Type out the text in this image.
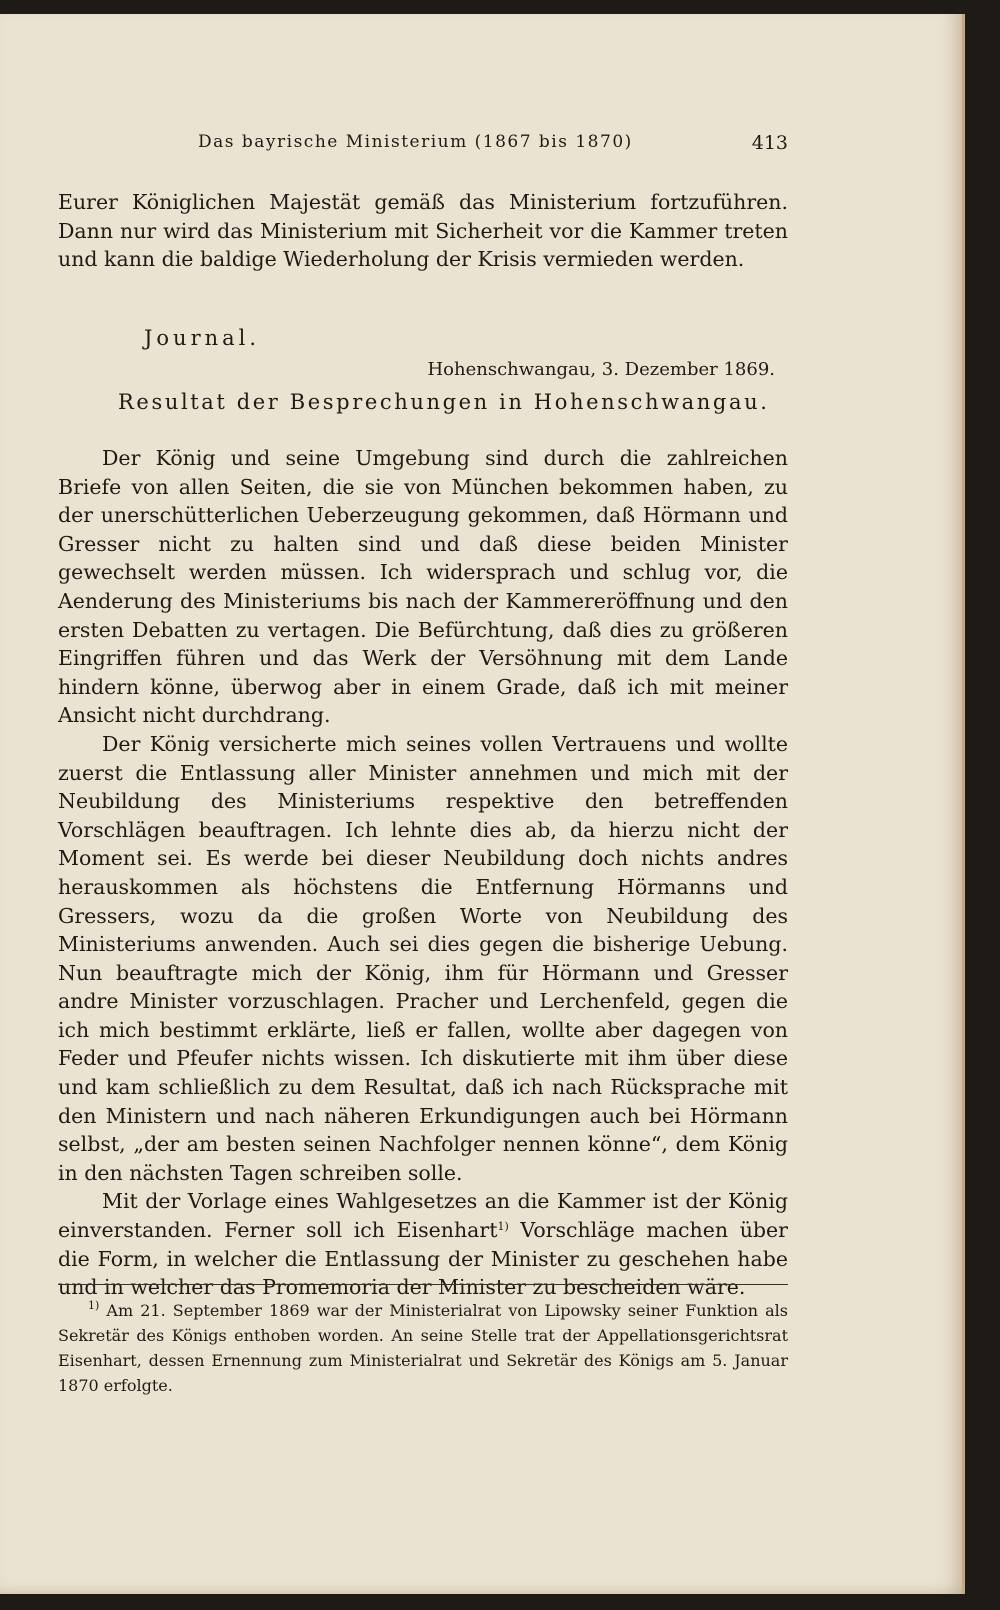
Das bayrische Ministerium (1867 bis 1870)	413

Eurer Königlichen Majestät gemäß das Ministerium fortzuführen. Dann nur wird das Ministerium mit Sicherheit vor die Kammer treten und kann die baldige Wiederholung der Krisis vermieden werden.

Journal.
Hohenschwangau, 3. Dezember 1869.
Resultat der Besprechungen in Hohenschwangau.

Der König und seine Umgebung sind durch die zahlreichen Briefe von allen Seiten, die sie von München bekommen haben, zu der unerschütterlichen Ueberzeugung gekommen, daß Hörmann und Gresser nicht zu halten sind und daß diese beiden Minister gewechselt werden müssen. Ich widersprach und schlug vor, die Aenderung des Ministeriums bis nach der Kammereröffnung und den ersten Debatten zu vertagen. Die Befürchtung, daß dies zu größeren Eingriffen führen und das Werk der Versöhnung mit dem Lande hindern könne, überwog aber in einem Grade, daß ich mit meiner Ansicht nicht durchdrang.

Der König versicherte mich seines vollen Vertrauens und wollte zuerst die Entlassung aller Minister annehmen und mich mit der Neubildung des Ministeriums respektive den betreffenden Vorschlägen beauftragen. Ich lehnte dies ab, da hierzu nicht der Moment sei. Es werde bei dieser Neubildung doch nichts andres herauskommen als höchstens die Entfernung Hörmanns und Gressers, wozu da die großen Worte von Neubildung des Ministeriums anwenden. Auch sei dies gegen die bisherige Uebung. Nun beauftragte mich der König, ihm für Hörmann und Gresser andre Minister vorzuschlagen. Pracher und Lerchenfeld, gegen die ich mich bestimmt erklärte, ließ er fallen, wollte aber dagegen von Feder und Pfeufer nichts wissen. Ich diskutierte mit ihm über diese und kam schließlich zu dem Resultat, daß ich nach Rücksprache mit den Ministern und nach näheren Erkundigungen auch bei Hörmann selbst, „der am besten seinen Nachfolger nennen könne“, dem König in den nächsten Tagen schreiben solle.

Mit der Vorlage eines Wahlgesetzes an die Kammer ist der König einverstanden. Ferner soll ich Eisenhart$^{1)}$ Vorschläge machen über die Form, in welcher die Entlassung der Minister zu geschehen habe und in welcher das Promemoria der Minister zu bescheiden wäre.

$^{1)}$ Am 21. September 1869 war der Ministerialrat von Lipowsky seiner Funktion als Sekretär des Königs enthoben worden. An seine Stelle trat der Appellationsgerichtsrat Eisenhart, dessen Ernennung zum Ministerialrat und Sekretär des Königs am 5. Januar 1870 erfolgte.
